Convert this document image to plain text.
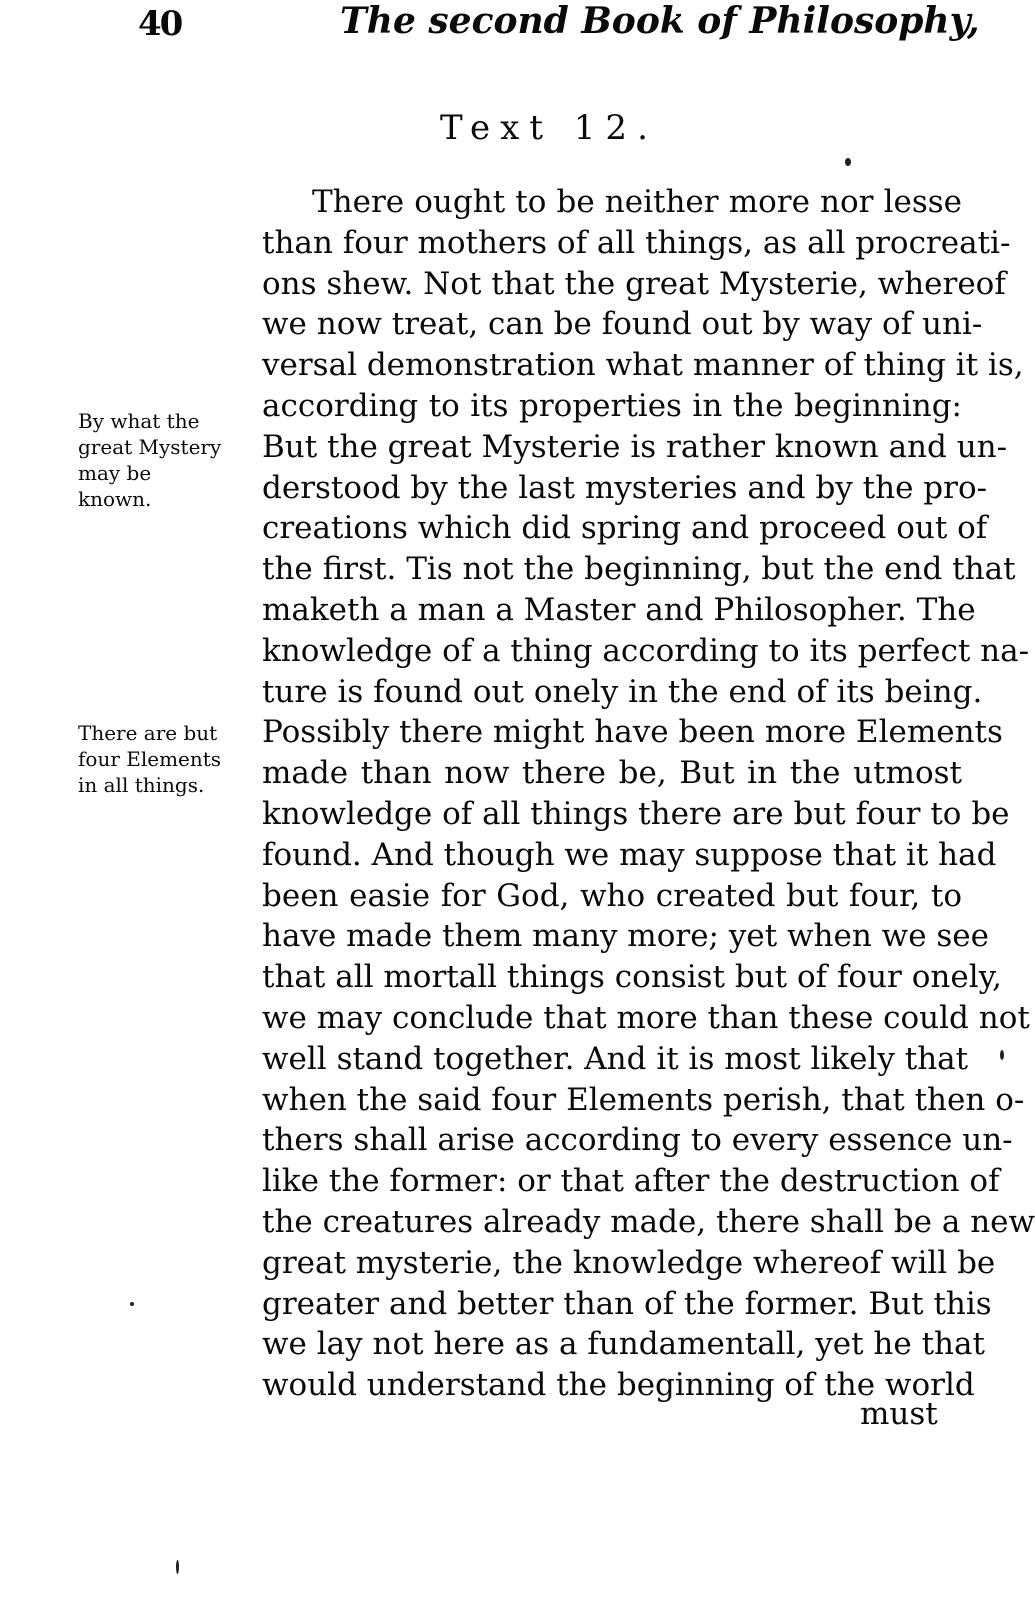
40	The second Book of Philosophy,
Text 12.
By what the
great Mystery
may be
known.
There are but
four Elements
in all things.
There ought to be neither more nor lesse
than four mothers of all things, as all procreati-
ons shew. Not that the great Mysterie, whereof
we now treat, can be found out by way of uni-
versal demonstration what manner of thing it is,
according to its properties in the beginning:
But the great Mysterie is rather known and un-
derstood by the last mysteries and by the pro-
creations which did spring and proceed out of
the first. Tis not the beginning, but the end that
maketh a man a Master and Philosopher. The
knowledge of a thing according to its perfect na-
ture is found out onely in the end of its being.
Possibly there might have been more Elements
made than now there be, But in the utmost
knowledge of all things there are but four to be
found. And though we may suppose that it had
been easie for God, who created but four, to
have made them many more; yet when we see
that all mortall things consist but of four onely,
we may conclude that more than these could not
well stand together. And it is most likely that
when the said four Elements perish, that then o-
thers shall arise according to every essence un-
like the former: or that after the destruction of
the creatures already made, there shall be a new
great mysterie, the knowledge whereof will be
greater and better than of the former. But this
we lay not here as a fundamentall, yet he that
would understand the beginning of the world
must
